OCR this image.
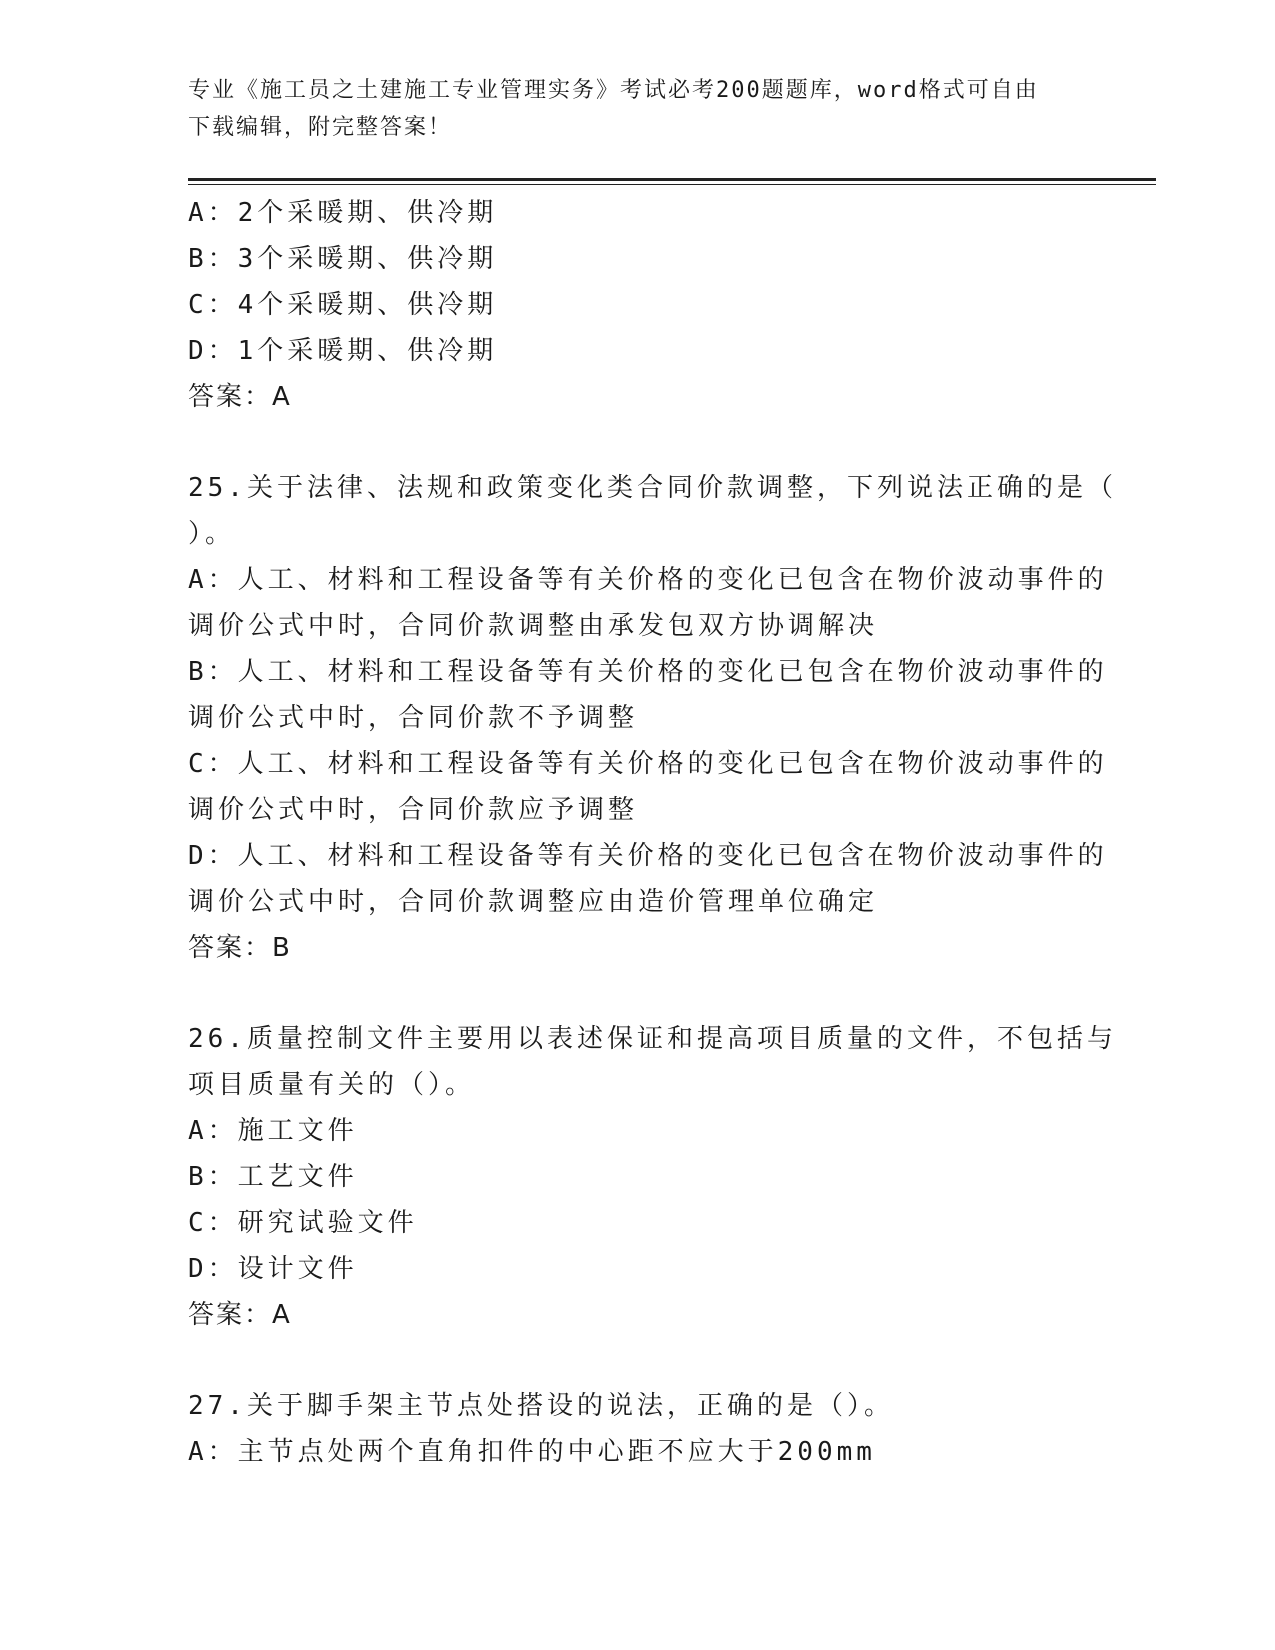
专业《施工员之土建施工专业管理实务》考试必考200题题库，word格式可自由
下载编辑，附完整答案！
A：2个采暖期、供冷期
B：3个采暖期、供冷期
C：4个采暖期、供冷期
D：1个采暖期、供冷期
答案：A
25.关于法律、法规和政策变化类合同价款调整，下列说法正确的是（
）。
A：人工、材料和工程设备等有关价格的变化已包含在物价波动事件的
调价公式中时，合同价款调整由承发包双方协调解决
B：人工、材料和工程设备等有关价格的变化已包含在物价波动事件的
调价公式中时，合同价款不予调整
C：人工、材料和工程设备等有关价格的变化已包含在物价波动事件的
调价公式中时，合同价款应予调整
D：人工、材料和工程设备等有关价格的变化已包含在物价波动事件的
调价公式中时，合同价款调整应由造价管理单位确定
答案：B
26.质量控制文件主要用以表述保证和提高项目质量的文件，不包括与
项目质量有关的（）。
A：施工文件
B：工艺文件
C：研究试验文件
D：设计文件
答案：A
27.关于脚手架主节点处搭设的说法，正确的是（）。
A：主节点处两个直角扣件的中心距不应大于200mm
